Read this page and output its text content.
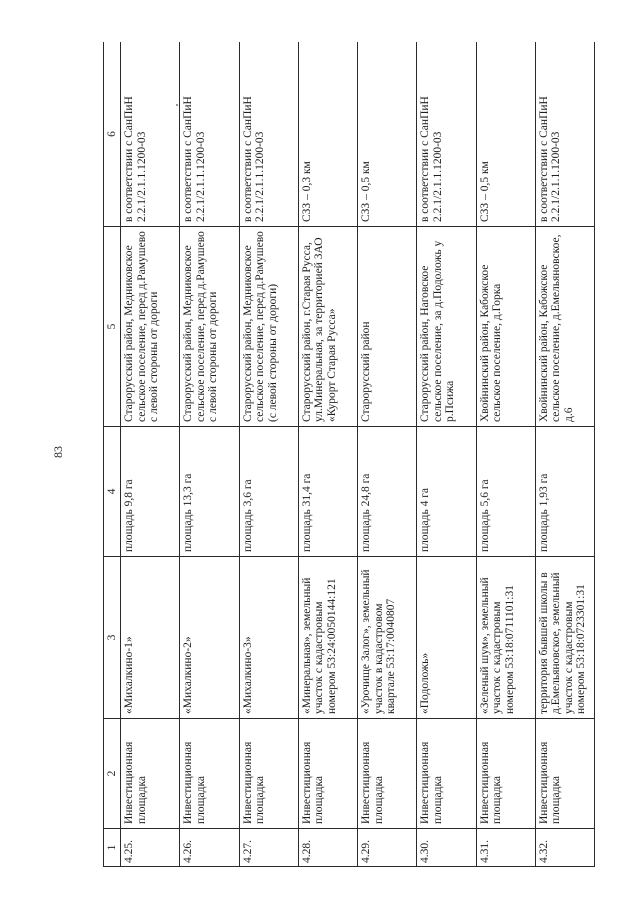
83
1	2	3	4	5	6
4.25.	Инвестиционная площадка	«Михалкино-1»	площадь 9,8 га	Старорусский район, Медниковское сельское поселение, перед д.Рамушево с левой стороны от дороги	в соответствии с СанПиН 2.2.1/2.1.1.1200-03
4.26.	Инвестиционная площадка	«Михалкино-2»	площадь 13,3 га	Старорусский район, Медниковское сельское поселение, перед д.Рамушево с левой стороны от дороги	в соответствии с СанПиН 2.2.1/2.1.1.1200-03
4.27.	Инвестиционная площадка	«Михалкино-3»	площадь 3,6 га	Старорусский район, Медниковское сельское поселение, перед д.Рамушево (с левой стороны от дороги)	в соответствии с СанПиН 2.2.1/2.1.1.1200-03
4.28.	Инвестиционная площадка	«Минеральная», земельный участок с кадастровым номером 53:24:0050144:121	площадь 31,4 га	Старорусский район, г.Старая Русса, ул.Минеральная, за территорией ЗАО «Курорт Старая Русса»	СЗЗ – 0,3 км
4.29.	Инвестиционная площадка	«Урочище Залог», земельный участок в кадастровом квартале 53:17:0040807	площадь 24,8 га	Старорусский район	СЗЗ – 0,5 км
4.30.	Инвестиционная площадка	«Подоложь»	площадь 4 га	Старорусский район, Наговское сельское поселение, за д.Подоложь у р.Псижа	в соответствии с СанПиН 2.2.1/2.1.1.1200-03
4.31.	Инвестиционная площадка	«Зеленый шум», земельный участок с кадастровым номером 53:18:0711101:31	площадь 5,6 га	Хвойнинский район, Кабожское сельское поселение, д.Горка	СЗЗ – 0,5 км
4.32.	Инвестиционная площадка	территория бывшей школы в д.Емельяновское, земельный участок с кадастровым номером 53:18:0723301:31	площадь 1,93 га	Хвойнинский район, Кабожское сельское поселение, д.Емельяновское, д.6	в соответствии с СанПиН 2.2.1/2.1.1.1200-03
